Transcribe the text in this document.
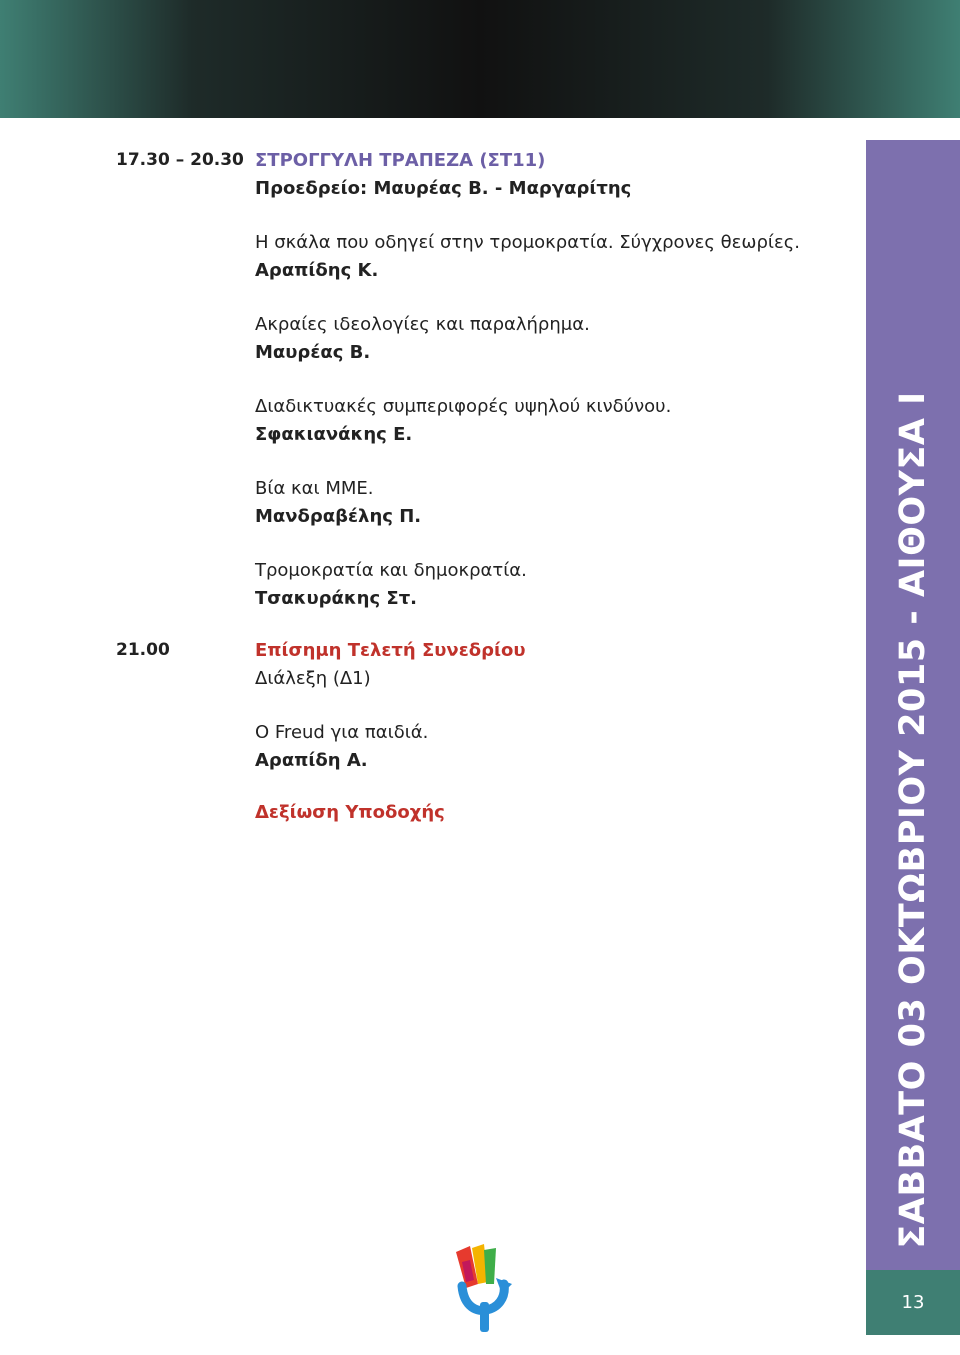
17.30 – 20.30 ΣΤΡΟΓΓΥΛΗ ΤΡΑΠΕΖΑ (ΣΤ11)
Προεδρείο: Μαυρέας Β. - Μαργαρίτης
Η σκάλα που οδηγεί στην τρομοκρατία. Σύγχρονες θεωρίες.
Αραπίδης Κ.
Ακραίες ιδεολογίες και παραλήρημα.
Μαυρέας Β.
Διαδικτυακές συμπεριφορές υψηλού κινδύνου.
Σφακιανάκης Ε.
Βία και ΜΜΕ.
Μανδραβέλης Π.
Τρομοκρατία και δημοκρατία.
Τσακυράκης Στ.
21.00	Επίσημη Τελετή Συνεδρίου
Διάλεξη (Δ1)
Ο Freud για παιδιά.
Αραπίδη Α.
Δεξίωση Υποδοχής	ΣΑΒΒΑΤΟ 03 ΟΚΤΩΒΡΙΟΥ 2015 - ΑΙΘΟΥΣΑ Ι
13
